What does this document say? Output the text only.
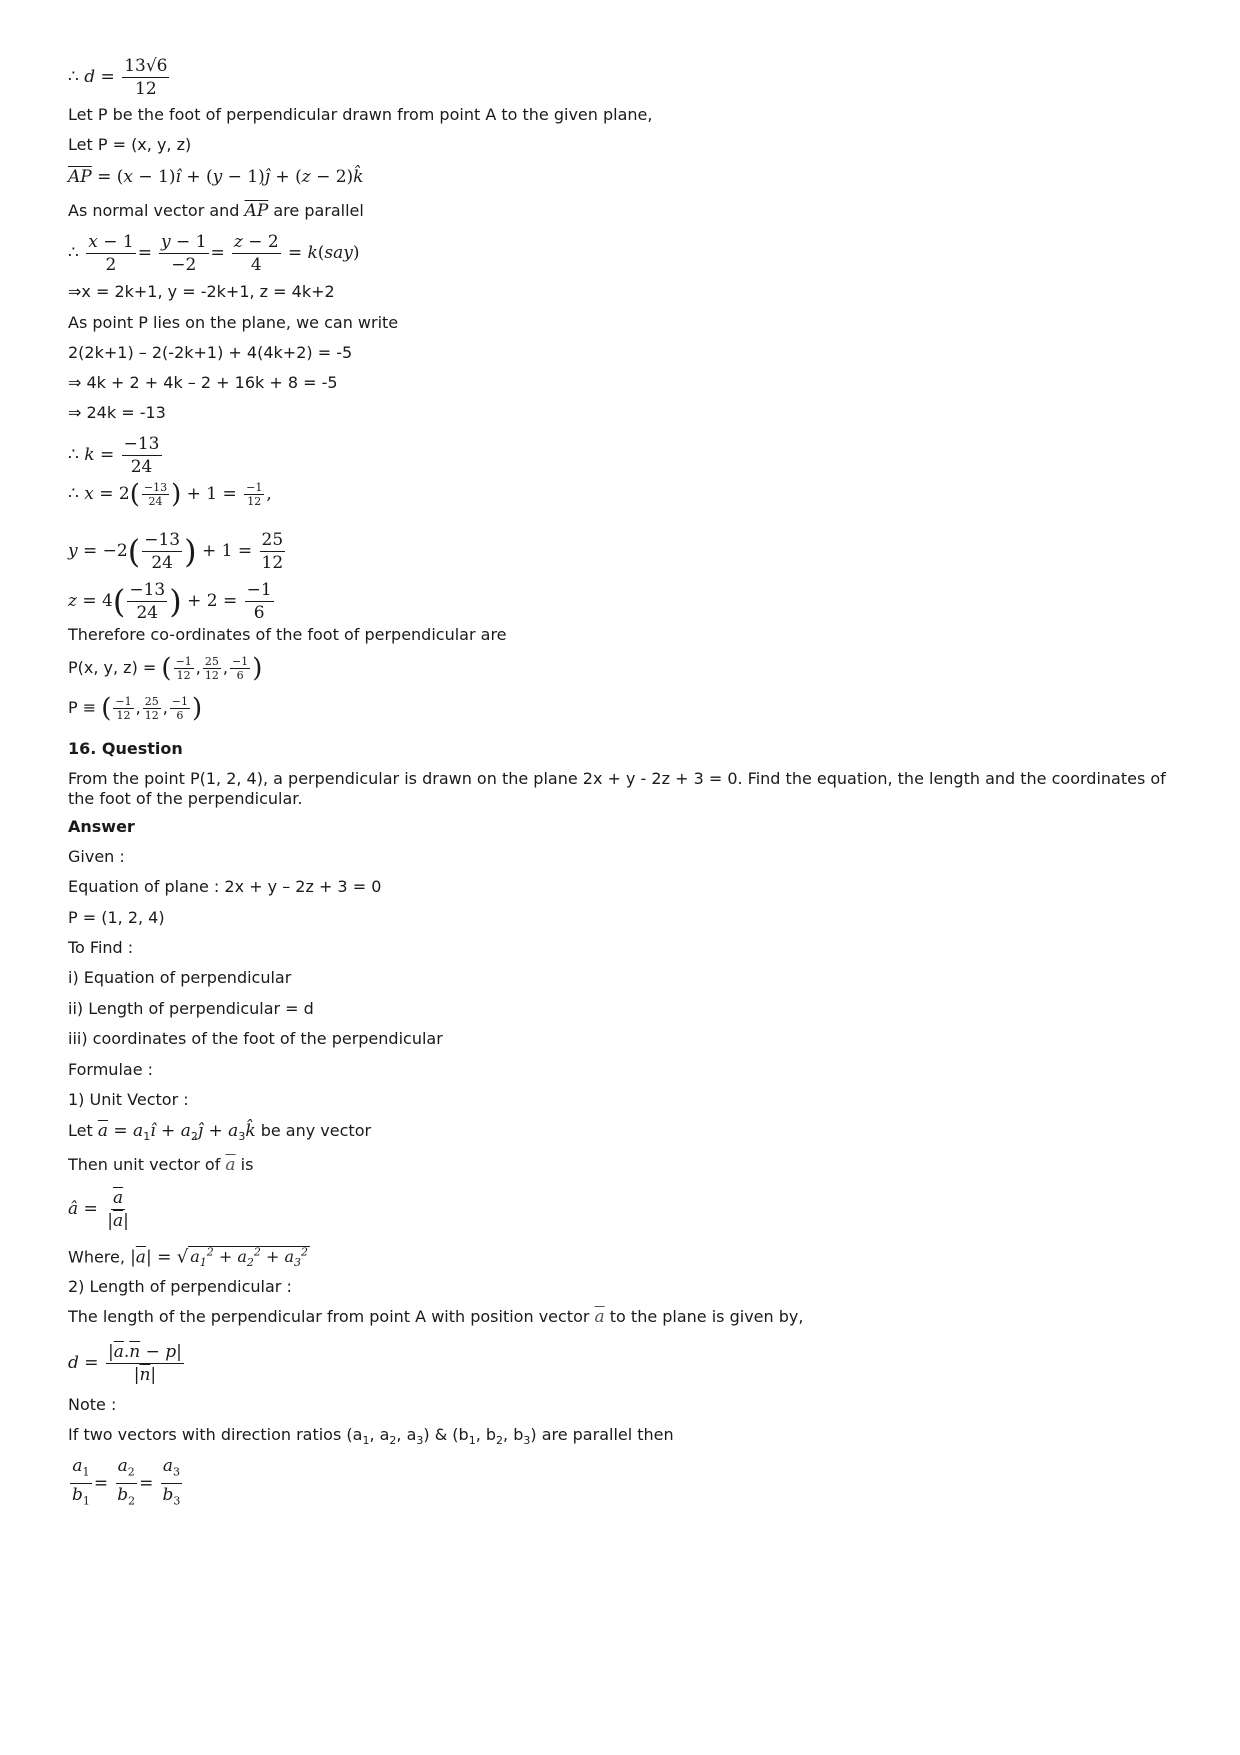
∴ $d = \frac{13√6}{12}$
Let P be the foot of perpendicular drawn from point A to the given plane,
Let P = (x, y, z)
$\overline{AP} = (x$ − 1)î + (y − 1)ĵ + (z − 2)k̂
As normal vector and $\overline{AP}$ are parallel
∴ $\frac{x - 1}{2} = \frac{y - 1}{-2} = \frac{z - 2}{4} = k(say)$
⇒x = 2k+1, y = -2k+1, z = 4k+2
As point P lies on the plane, we can write
2(2k+1) – 2(-2k+1) + 4(4k+2) = -5
⇒ 4k + 2 + 4k – 2 + 16k + 8 = -5
⇒ 24k = -13
∴ $k = \frac{-13}{24}$
∴ $x = 2( \frac{-13}{24}$ ) + $1 = \frac{-1}{12}$ ,
$y = -2( \frac{-13}{24}$ ) + $1 = \frac{25}{12}$
$z = 4( \frac{-13}{24}$ ) + $2 = \frac{-1}{6}$
Therefore co-ordinates of the foot of perpendicular are
P(x, y, z) = ( $\frac{-1}{12}$ , $\frac{25}{12}$ , $\frac{-1}{6}$ )
P ≡ ( $\frac{-1}{12}$ , $\frac{25}{12}$ , $\frac{-1}{6}$ )
16. Question
From the point P(1, 2, 4), a perpendicular is drawn on the plane 2x + y - 2z + 3 = 0. Find the equation, the length and the coordinates of the foot of the perpendicular.
Answer
Given :
Equation of plane : 2x + y – 2z + 3 = 0
P = (1, 2, 4)
To Find :
i) Equation of perpendicular
ii) Length of perpendicular = d
iii) coordinates of the foot of the perpendicular
Formulae :
1) Unit Vector :
Let $\overline{a}$ = $a_1î$ + $a_2ĵ$ + $a_3k̂$ be any vector
Then unit vector of $\overline{a}$ is
â = $\frac{\overline{a}}{|\overline{a}|}$
Where, $|\overline{a}|$ = √ $a_1^2 + a_2^2 + a_3^2$
2) Length of perpendicular :
The length of the perpendicular from point A with position vector $\overline{a}$ to the plane is given by,
$d = \frac{|\overline{a}.\overline{n} - p|}{|\overline{n}|}$
Note :
If two vectors with direction ratios ($a_1$, $a_2$, $a_3$) & ($b_1$, $b_2$, $b_3$) are parallel then
$\frac{a_1}{b_1} = \frac{a_2}{b_2} = \frac{a_3}{b_3}$
